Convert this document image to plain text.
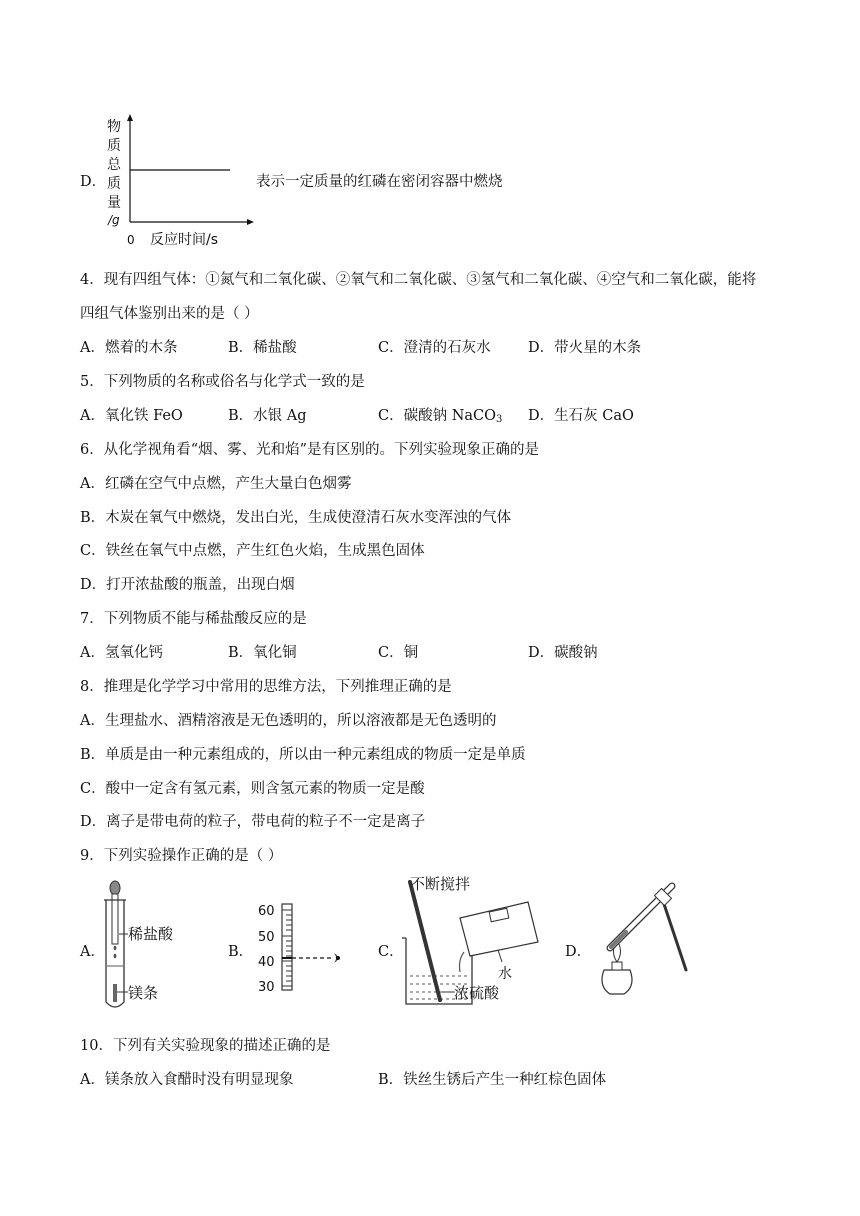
D．
物
质
总
质
量
/g
0 反应时间/s
表示一定质量的红磷在密闭容器中燃烧
4．现有四组气体：①氮气和二氧化碳、②氧气和二氧化碳、③氢气和二氧化碳、④空气和二氧化碳，能将
四组气体鉴别出来的是（ ）
A．燃着的木条	B．稀盐酸	C．澄清的石灰水	D．带火星的木条
5．下列物质的名称或俗名与化学式一致的是
A．氧化铁 FeO	B．水银 Ag	C．碳酸钠 NaCO$_3$ D．生石灰 CaO
6．从化学视角看“烟、雾、光和焰”是有区别的。下列实验现象正确的是
A．红磷在空气中点燃，产生大量白色烟雾
B．木炭在氧气中燃烧，发出白光，生成使澄清石灰水变浑浊的气体
C．铁丝在氧气中点燃，产生红色火焰，生成黑色固体
D．打开浓盐酸的瓶盖，出现白烟
7．下列物质不能与稀盐酸反应的是
A．氢氧化钙	B．氧化铜	C．铜	D．碳酸钠
8．推理是化学学习中常用的思维方法，下列推理正确的是
A．生理盐水、酒精溶液是无色透明的，所以溶液都是无色透明的
B．单质是由一种元素组成的，所以由一种元素组成的物质一定是单质
C．酸中一定含有氢元素，则含氢元素的物质一定是酸
D．离子是带电荷的粒子，带电荷的粒子不一定是离子
9．下列实验操作正确的是（ ）
A．
稀盐酸
镁条
B．
60
50
40
30
C．
水
浓硫酸
不断搅拌
D．
10．下列有关实验现象的描述正确的是
A．镁条放入食醋时没有明显现象	B．铁丝生锈后产生一种红棕色固体
